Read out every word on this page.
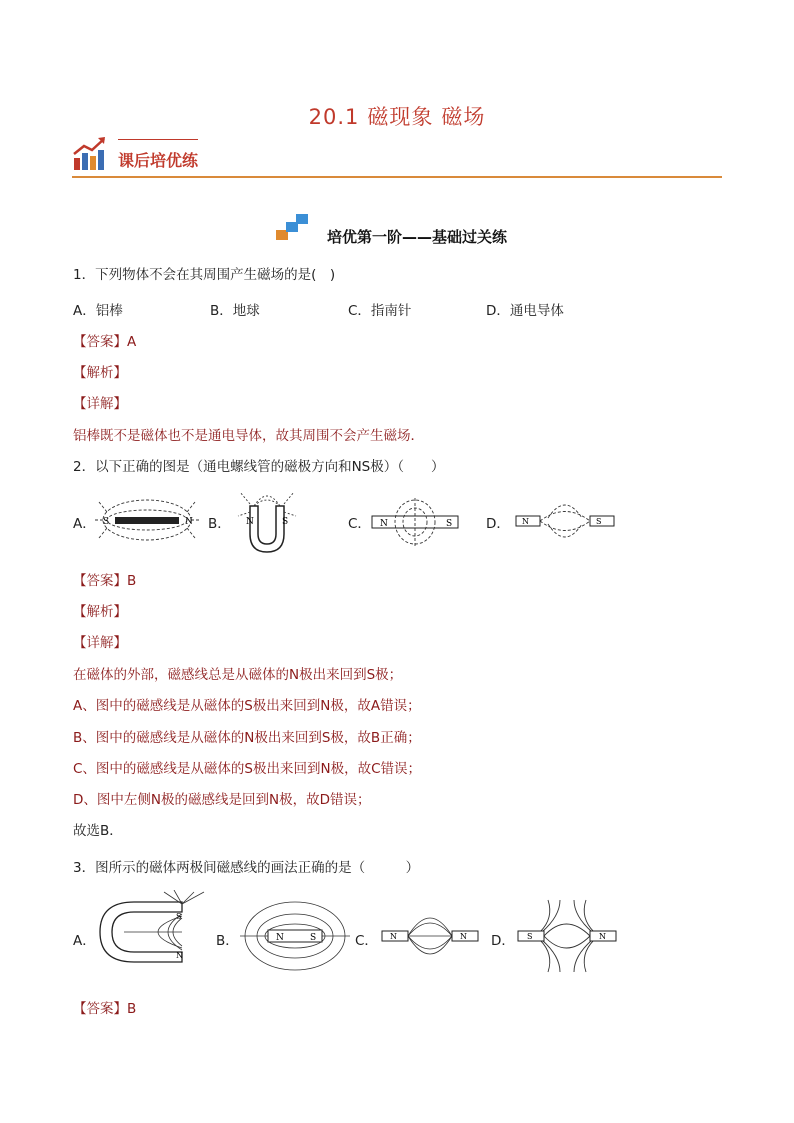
20.1 磁现象 磁场
课后培优练
培优第一阶——基础过关练
1．下列物体不会在其周围产生磁场的是(　)
A．铝棒	B．地球	C．指南针	D．通电导体
【答案】A
【解析】
【详解】
铝棒既不是磁体也不是通电导体，故其周围不会产生磁场．
2．以下正确的图是（通电螺线管的磁极方向和NS极）（　　）
A． S	N B． N	S	C． N	S	D． N	S
【答案】B
【解析】
【详解】
在磁体的外部，磁感线总是从磁体的N极出来回到S极；
A、图中的磁感线是从磁体的S极出来回到N极，故A错误；
B、图中的磁感线是从磁体的N极出来回到S极，故B正确；
C、图中的磁感线是从磁体的S极出来回到N极，故C错误；
D、图中左侧N极的磁感线是回到N极，故D错误；
故选B．
3．图所示的磁体两极间磁感线的画法正确的是（　　　）
A．
S
N
B．	N	S	C． N	N D． S	N
【答案】B
